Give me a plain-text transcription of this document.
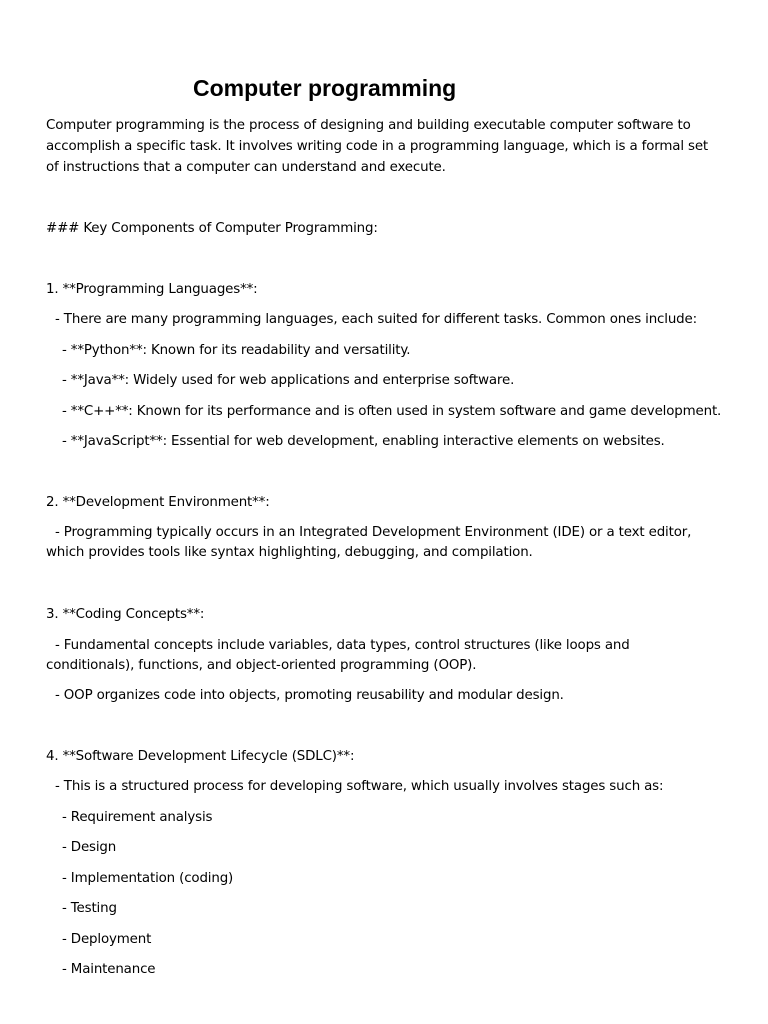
Computer programming
Computer programming is the process of designing and building executable computer software to
accomplish a specific task. It involves writing code in a programming language, which is a formal set
of instructions that a computer can understand and execute.
### Key Components of Computer Programming:
1. **Programming Languages**:
- There are many programming languages, each suited for different tasks. Common ones include:
- **Python**: Known for its readability and versatility.
- **Java**: Widely used for web applications and enterprise software.
- **C++**: Known for its performance and is often used in system software and game development.
- **JavaScript**: Essential for web development, enabling interactive elements on websites.
2. **Development Environment**:
- Programming typically occurs in an Integrated Development Environment (IDE) or a text editor,
which provides tools like syntax highlighting, debugging, and compilation.
3. **Coding Concepts**:
- Fundamental concepts include variables, data types, control structures (like loops and
conditionals), functions, and object-oriented programming (OOP).
- OOP organizes code into objects, promoting reusability and modular design.
4. **Software Development Lifecycle (SDLC)**:
- This is a structured process for developing software, which usually involves stages such as:
- Requirement analysis
- Design
- Implementation (coding)
- Testing
- Deployment
- Maintenance
